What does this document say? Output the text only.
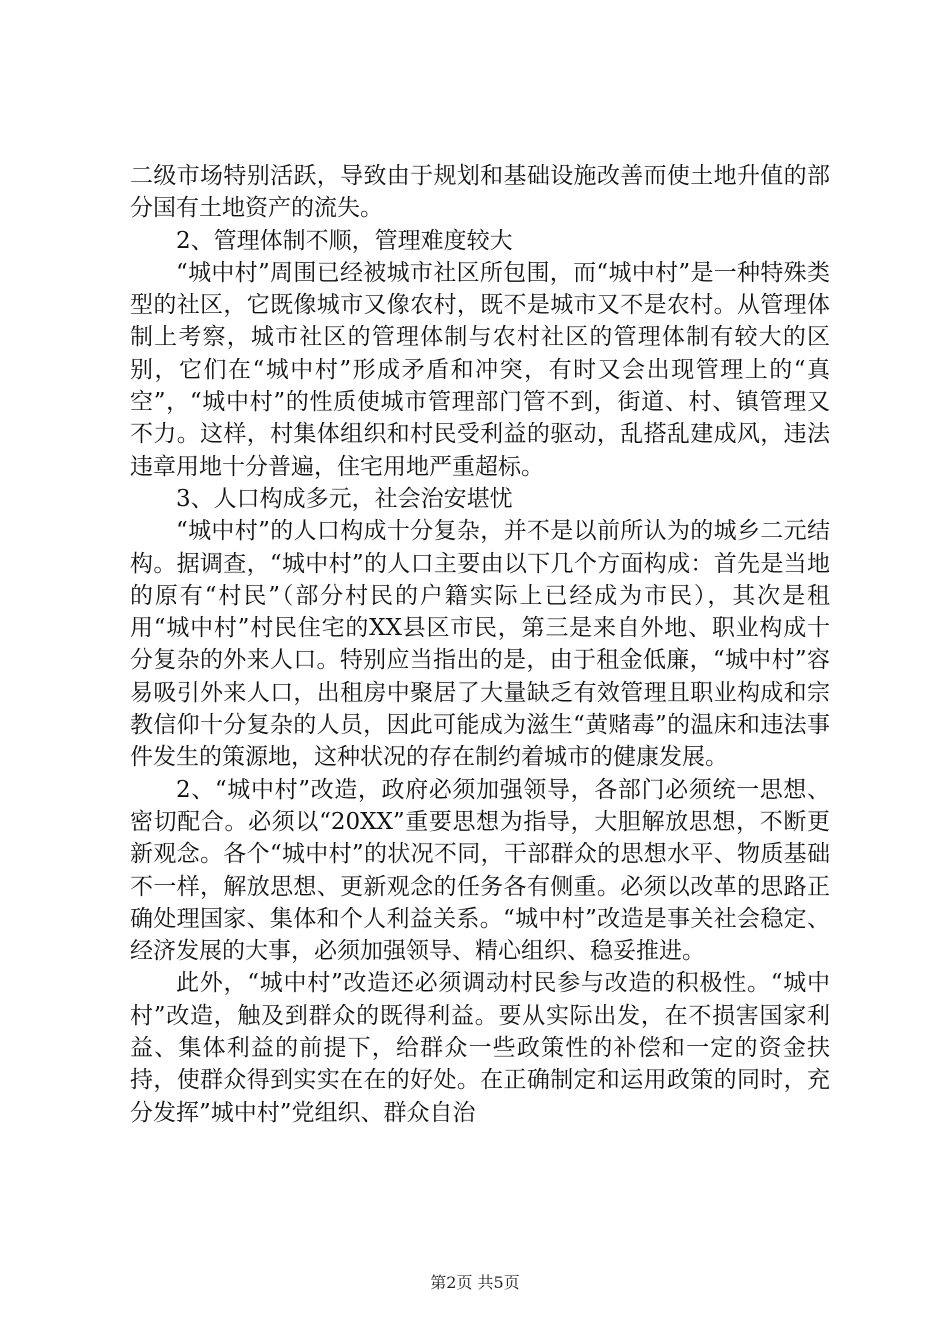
二级市场特别活跃，导致由于规划和基础设施改善而使土地升值的部分国有土地资产的流失。

2、管理体制不顺，管理难度较大

“城中村”周围已经被城市社区所包围，而“城中村”是一种特殊类型的社区，它既像城市又像农村，既不是城市又不是农村。从管理体制上考察，城市社区的管理体制与农村社区的管理体制有较大的区别，它们在“城中村”形成矛盾和冲突，有时又会出现管理上的“真空”，“城中村”的性质使城市管理部门管不到，街道、村、镇管理又不力。这样，村集体组织和村民受利益的驱动，乱搭乱建成风，违法违章用地十分普遍，住宅用地严重超标。

3、人口构成多元，社会治安堪忧

“城中村”的人口构成十分复杂，并不是以前所认为的城乡二元结构。据调查，“城中村”的人口主要由以下几个方面构成：首先是当地的原有“村民”（部分村民的户籍实际上已经成为市民），其次是租用“城中村”村民住宅的XX县区市民，第三是来自外地、职业构成十分复杂的外来人口。特别应当指出的是，由于租金低廉，“城中村”容易吸引外来人口，出租房中聚居了大量缺乏有效管理且职业构成和宗教信仰十分复杂的人员，因此可能成为滋生“黄赌毒”的温床和违法事件发生的策源地，这种状况的存在制约着城市的健康发展。

2、“城中村”改造，政府必须加强领导，各部门必须统一思想、密切配合。必须以“20XX”重要思想为指导，大胆解放思想，不断更新观念。各个“城中村”的状况不同，干部群众的思想水平、物质基础不一样，解放思想、更新观念的任务各有侧重。必须以改革的思路正确处理国家、集体和个人利益关系。“城中村”改造是事关社会稳定、经济发展的大事，必须加强领导、精心组织、稳妥推进。

此外，“城中村”改造还必须调动村民参与改造的积极性。“城中村”改造，触及到群众的既得利益。要从实际出发，在不损害国家利益、集体利益的前提下，给群众一些政策性的补偿和一定的资金扶持，使群众得到实实在在的好处。在正确制定和运用政策的同时，充分发挥”城中村”党组织、群众自治

第2页 共5页
